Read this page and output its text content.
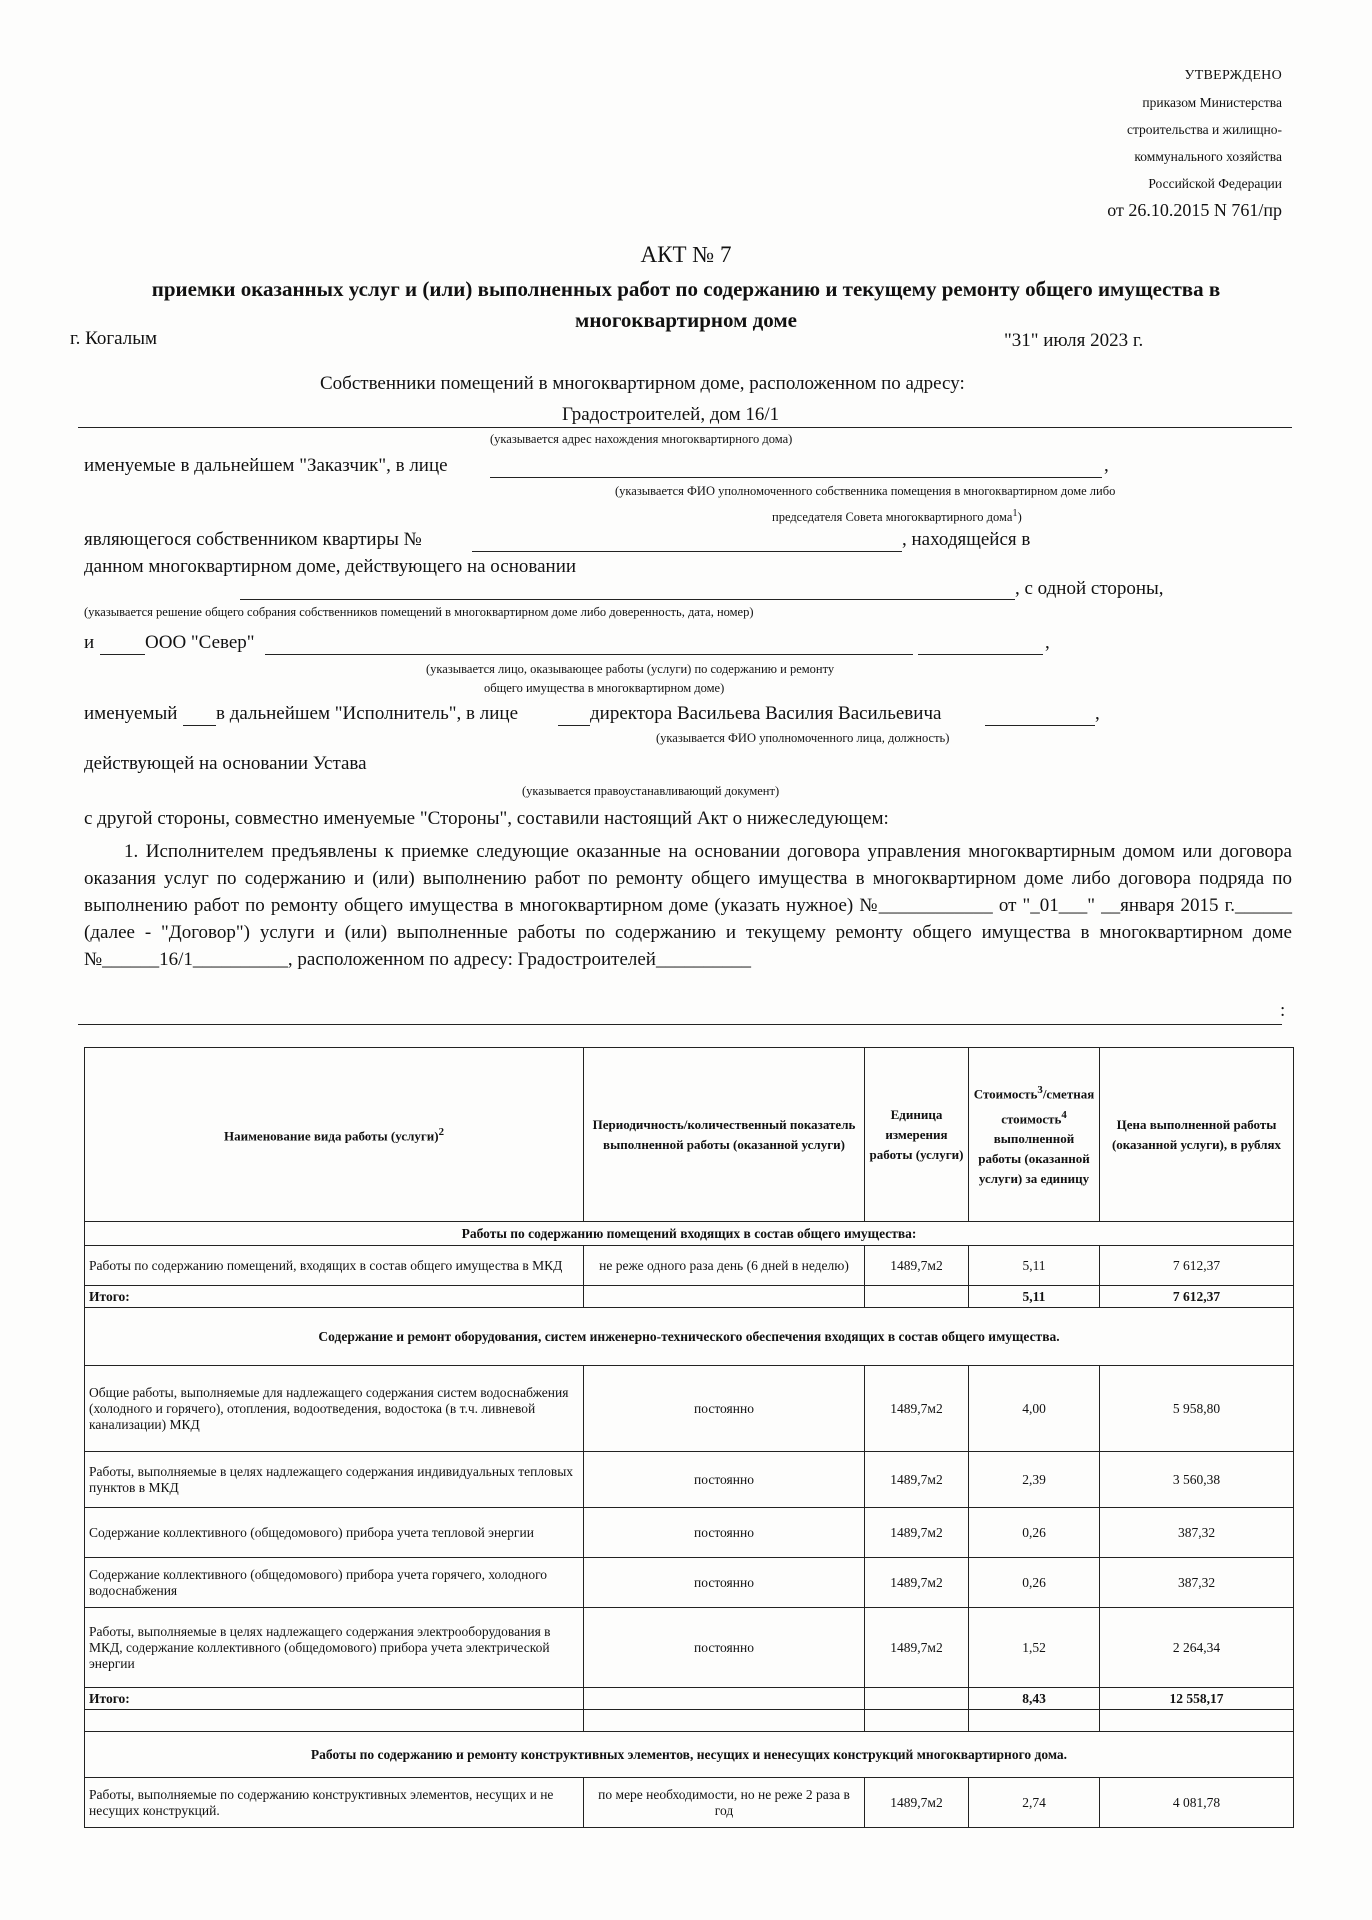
УТВЕРЖДЕНО
приказом Министерства
строительства и жилищно-
коммунального хозяйства
Российской Федерации
от 26.10.2015 N 761/пр
АКТ № 7
приемки оказанных услуг и (или) выполненных работ по содержанию и текущему ремонту общего имущества в многоквартирном доме
г. Когалым	"31" июля 2023 г.
Собственники помещений в многоквартирном доме, расположенном по адресу:
Градостроителей, дом 16/1
(указывается адрес нахождения многоквартирного дома)
именуемые в дальнейшем "Заказчик", в лице	,
(указывается ФИО уполномоченного собственника помещения в многоквартирном доме либо
председателя Совета многоквартирного дома$^1$)
являющегося собственником квартиры №	, находящейся в
данном многоквартирном доме, действующего на основании
, с одной стороны,
(указывается решение общего собрания собственников помещений в многоквартирном доме либо доверенность, дата, номер)
и	ООО "Север"	,
(указывается лицо, оказывающее работы (услуги) по содержанию и ремонту
общего имущества в многоквартирном доме)
именуемый в дальнейшем "Исполнитель", в лице	директора Васильева Василия Васильевича	,
(указывается ФИО уполномоченного лица, должность)
действующей на основании Устава
(указывается правоустанавливающий документ)
с другой стороны, совместно именуемые "Стороны", составили настоящий Акт о нижеследующем:
1. Исполнителем предъявлены к приемке следующие оказанные на основании договора управления многоквартирным домом или договора оказания услуг по содержанию и (или) выполнению работ по ремонту общего имущества в многоквартирном доме либо договора подряда по выполнению работ по ремонту общего имущества в многоквартирном доме (указать нужное) №____________ от "_01___" __января 2015 г.______ (далее - "Договор") услуги и (или) выполненные работы по содержанию и текущему ремонту общего имущества в многоквартирном доме №______16/1__________, расположенном по адресу: Градостроителей__________
:
Наименование вида работы (услуги)$^2$	Периодичность/количественный показатель выполненной работы (оказанной услуги)	Единица измерения работы (услуги)	Стоимость$^3$/сметная стоимость$^4$ выполненной работы (оказанной услуги) за единицу	Цена выполненной работы (оказанной услуги), в рублях
Работы по содержанию помещений входящих в состав общего имущества:				
Работы по содержанию помещений, входящих в состав общего имущества в МКД	не реже одного раза день (6 дней в неделю)	1489,7м2	5,11	7 612,37
Итого:			5,11	7 612,37
Содержание и ремонт оборудования, систем инженерно-технического обеспечения входящих в состав общего имущества.				
Общие работы, выполняемые для надлежащего содержания систем водоснабжения (холодного и горячего), отопления, водоотведения, водостока (в т.ч. ливневой канализации) МКД	постоянно	1489,7м2	4,00	5 958,80
Работы, выполняемые в целях надлежащего содержания индивидуальных тепловых пунктов в МКД	постоянно	1489,7м2	2,39	3 560,38
Содержание коллективного (общедомового) прибора учета тепловой энергии	постоянно	1489,7м2	0,26	387,32
Содержание коллективного (общедомового) прибора учета горячего, холодного водоснабжения	постоянно	1489,7м2	0,26	387,32
Работы, выполняемые в целях надлежащего содержания электрооборудования в МКД, содержание коллективного (общедомового) прибора учета электрической энергии	постоянно	1489,7м2	1,52	2 264,34
Итого:			8,43	12 558,17

Работы по содержанию и ремонту конструктивных элементов, несущих и ненесущих конструкций многоквартирного дома.				
Работы, выполняемые по содержанию конструктивных элементов, несущих и не несущих конструкций.	по мере необходимости, но не реже 2 раза в год	1489,7м2	2,74	4 081,78
